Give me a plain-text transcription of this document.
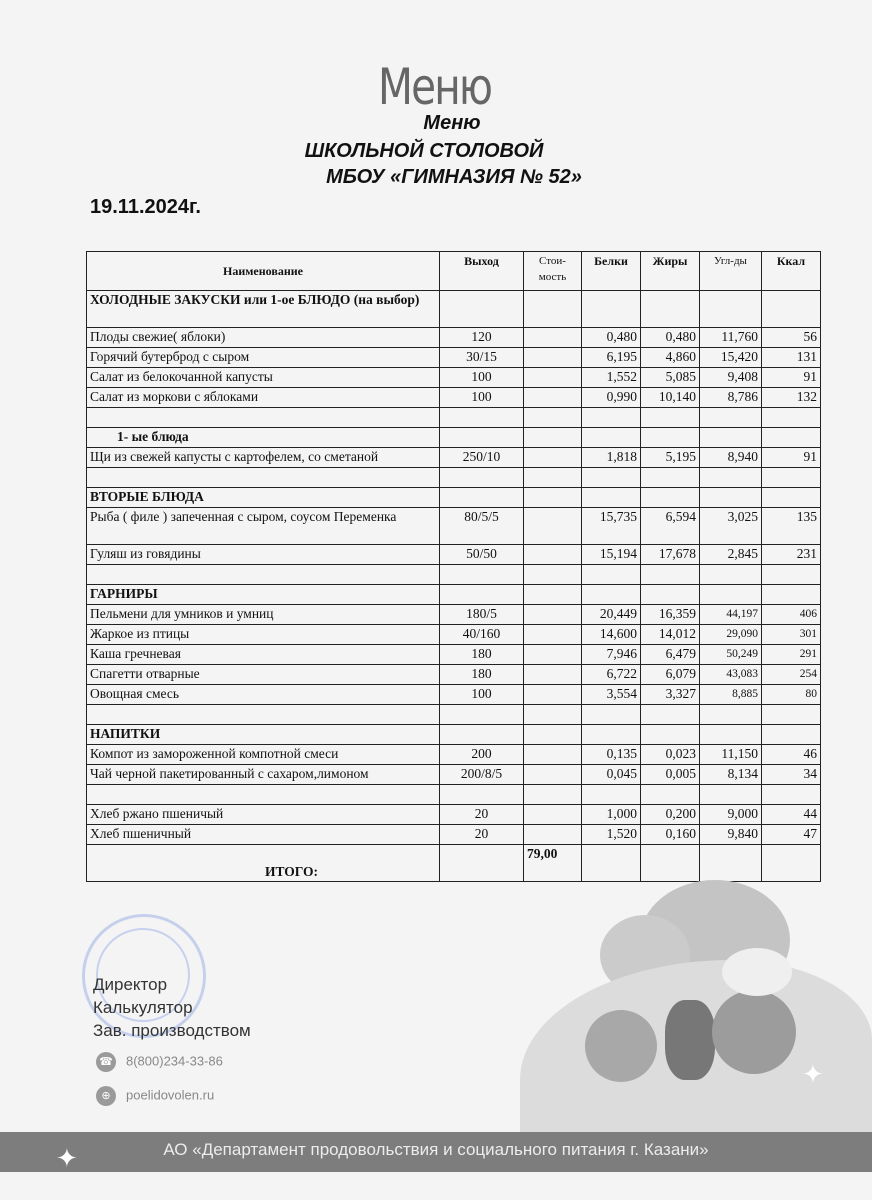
Меню
Меню
ШКОЛЬНОЙ СТОЛОВОЙ
МБОУ «ГИМНАЗИЯ № 52»
19.11.2024г.
Наименование	Выход	Стои-мость	Белки	Жиры	Угл-ды	Ккал
ХОЛОДНЫЕ ЗАКУСКИ или 1-ое БЛЮДО (на выбор)						
Плоды свежие( яблоки)	120		0,480	0,480	11,760	56
Горячий бутерброд с сыром	30/15		6,195	4,860	15,420	131
Салат из белокочанной капусты	100		1,552	5,085	9,408	91
Салат из моркови с яблоками	100		0,990	10,140	8,786	132

1- ые блюда						
Щи из свежей капусты с картофелем, со сметаной	250/10		1,818	5,195	8,940	91

ВТОРЫЕ БЛЮДА						
Рыба ( филе ) запеченная с сыром, соусом Переменка	80/5/5		15,735	6,594	3,025	135
Гуляш из говядины	50/50		15,194	17,678	2,845	231

ГАРНИРЫ						
Пельмени для умников и умниц	180/5		20,449	16,359	44,197	406
Жаркое из птицы	40/160		14,600	14,012	29,090	301
Каша гречневая	180		7,946	6,479	50,249	291
Спагетти отварные	180		6,722	6,079	43,083	254
Овощная смесь	100		3,554	3,327	8,885	80

НАПИТКИ						
Компот из замороженной компотной смеси	200		0,135	0,023	11,150	46
Чай черной пакетированный с сахаром,лимоном	200/8/5		0,045	0,005	8,134	34

Хлеб ржано пшеничый	20		1,000	0,200	9,000	44
Хлеб пшеничный	20		1,520	0,160	9,840	47
ИТОГО:		79,00				
Директор
Калькулятор
Зав. производством
☎ 8(800)234-33-86
⊕ poelidovolen.ru
АО «Департамент продовольствия и социального питания г. Казани»
✦
✦
